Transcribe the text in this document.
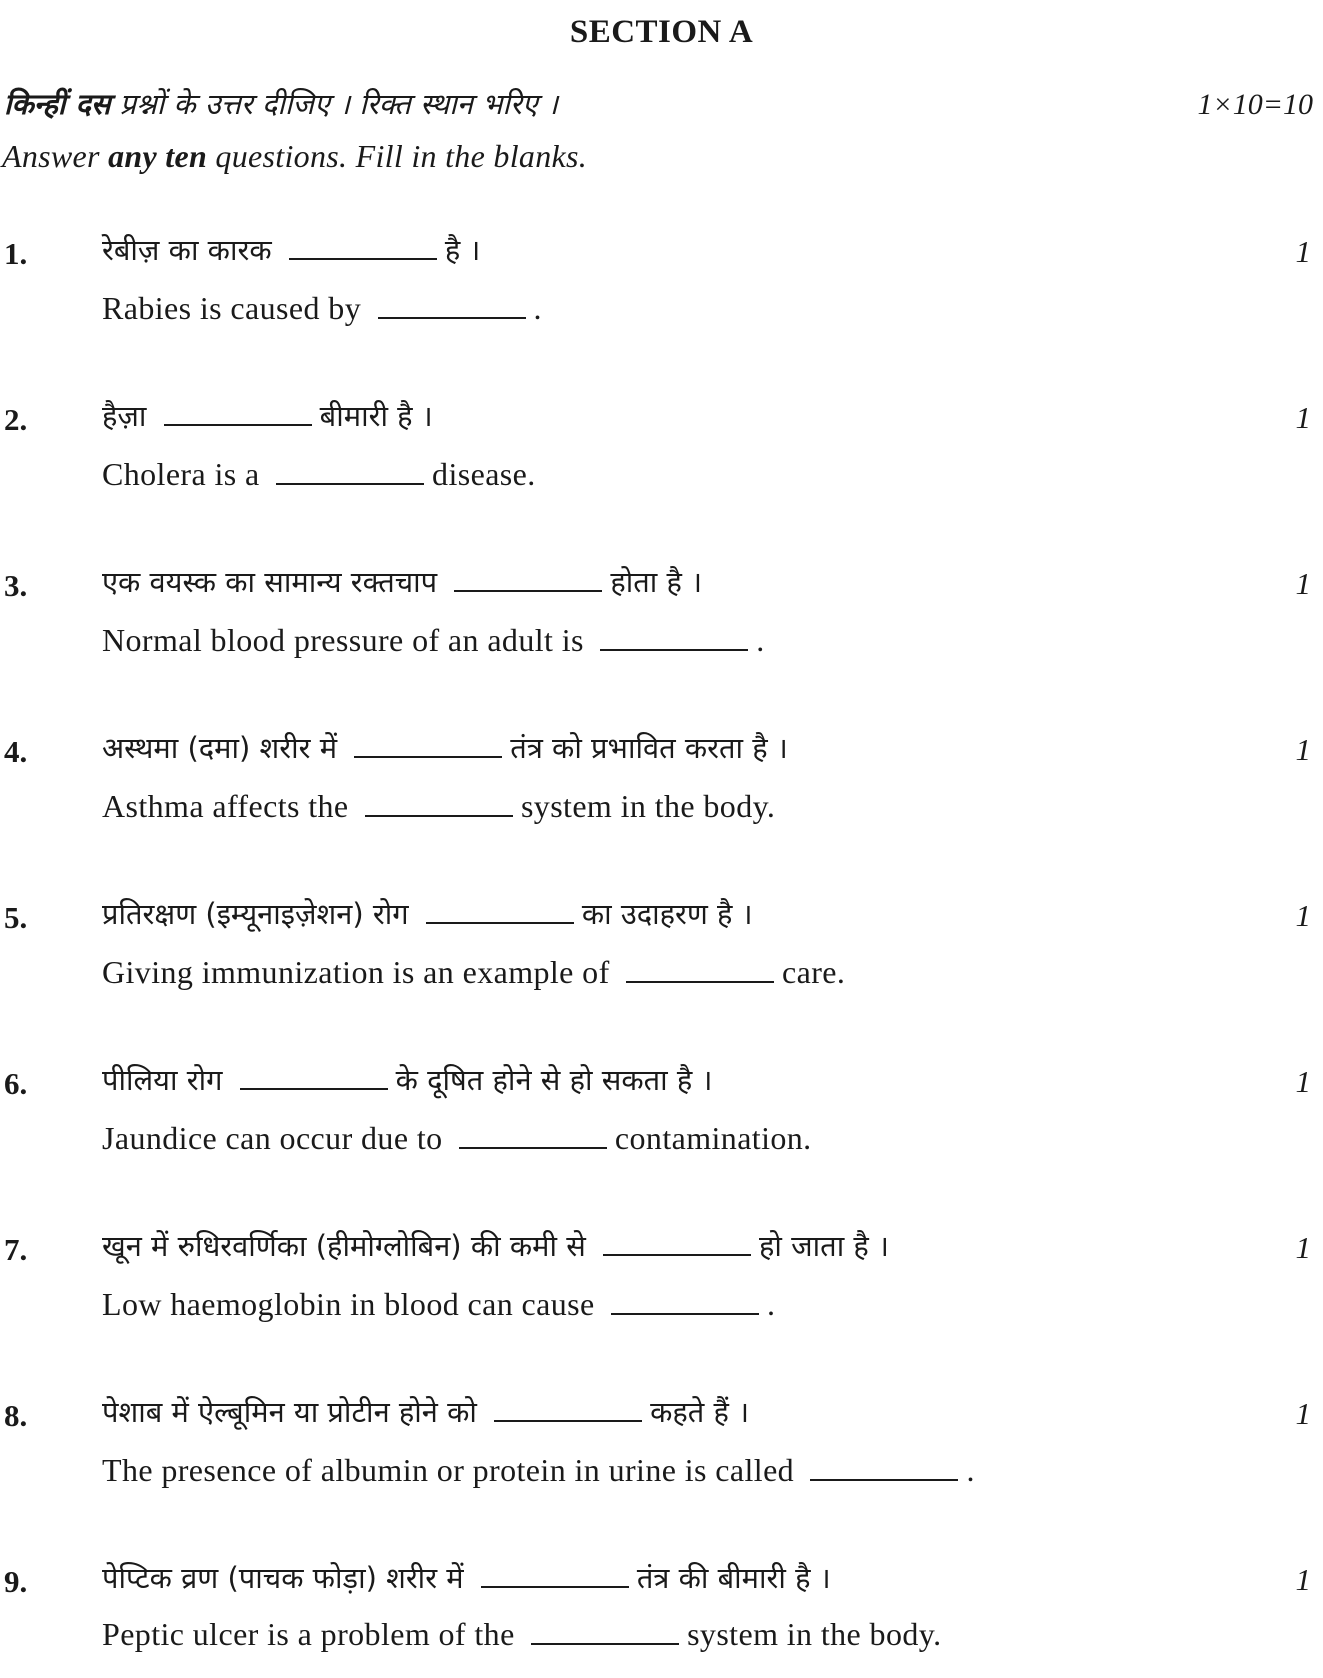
SECTION A
किन्हीं दस प्रश्नों के उत्तर दीजिए । रिक्त स्थान भरिए ।	1×10=10
Answer any ten questions. Fill in the blanks.
1.	रेबीज़ का कारक	है ।
Rabies is caused by	.
1
2.	हैज़ा	बीमारी है ।
Cholera is a	disease.
1
3.	एक वयस्क का सामान्य रक्तचाप	होता है ।
Normal blood pressure of an adult is	.
1
4.	अस्थमा (दमा) शरीर में	तंत्र को प्रभावित करता है ।
Asthma affects the	system in the body.
1
5.	प्रतिरक्षण (इम्यूनाइज़ेशन) रोग	का उदाहरण है ।
Giving immunization is an example of	care.
1
6.	पीलिया रोग	के दूषित होने से हो सकता है ।
Jaundice can occur due to	contamination.
1
7.	खून में रुधिरवर्णिका (हीमोग्लोबिन) की कमी से	हो जाता है ।
Low haemoglobin in blood can cause	.
1
8.	पेशाब में ऐल्बूमिन या प्रोटीन होने को	कहते हैं ।
The presence of albumin or protein in urine is called	.
1
9.	पेप्टिक व्रण (पाचक फोड़ा) शरीर में	तंत्र की बीमारी है ।
Peptic ulcer is a problem of the	system in the body.
1
